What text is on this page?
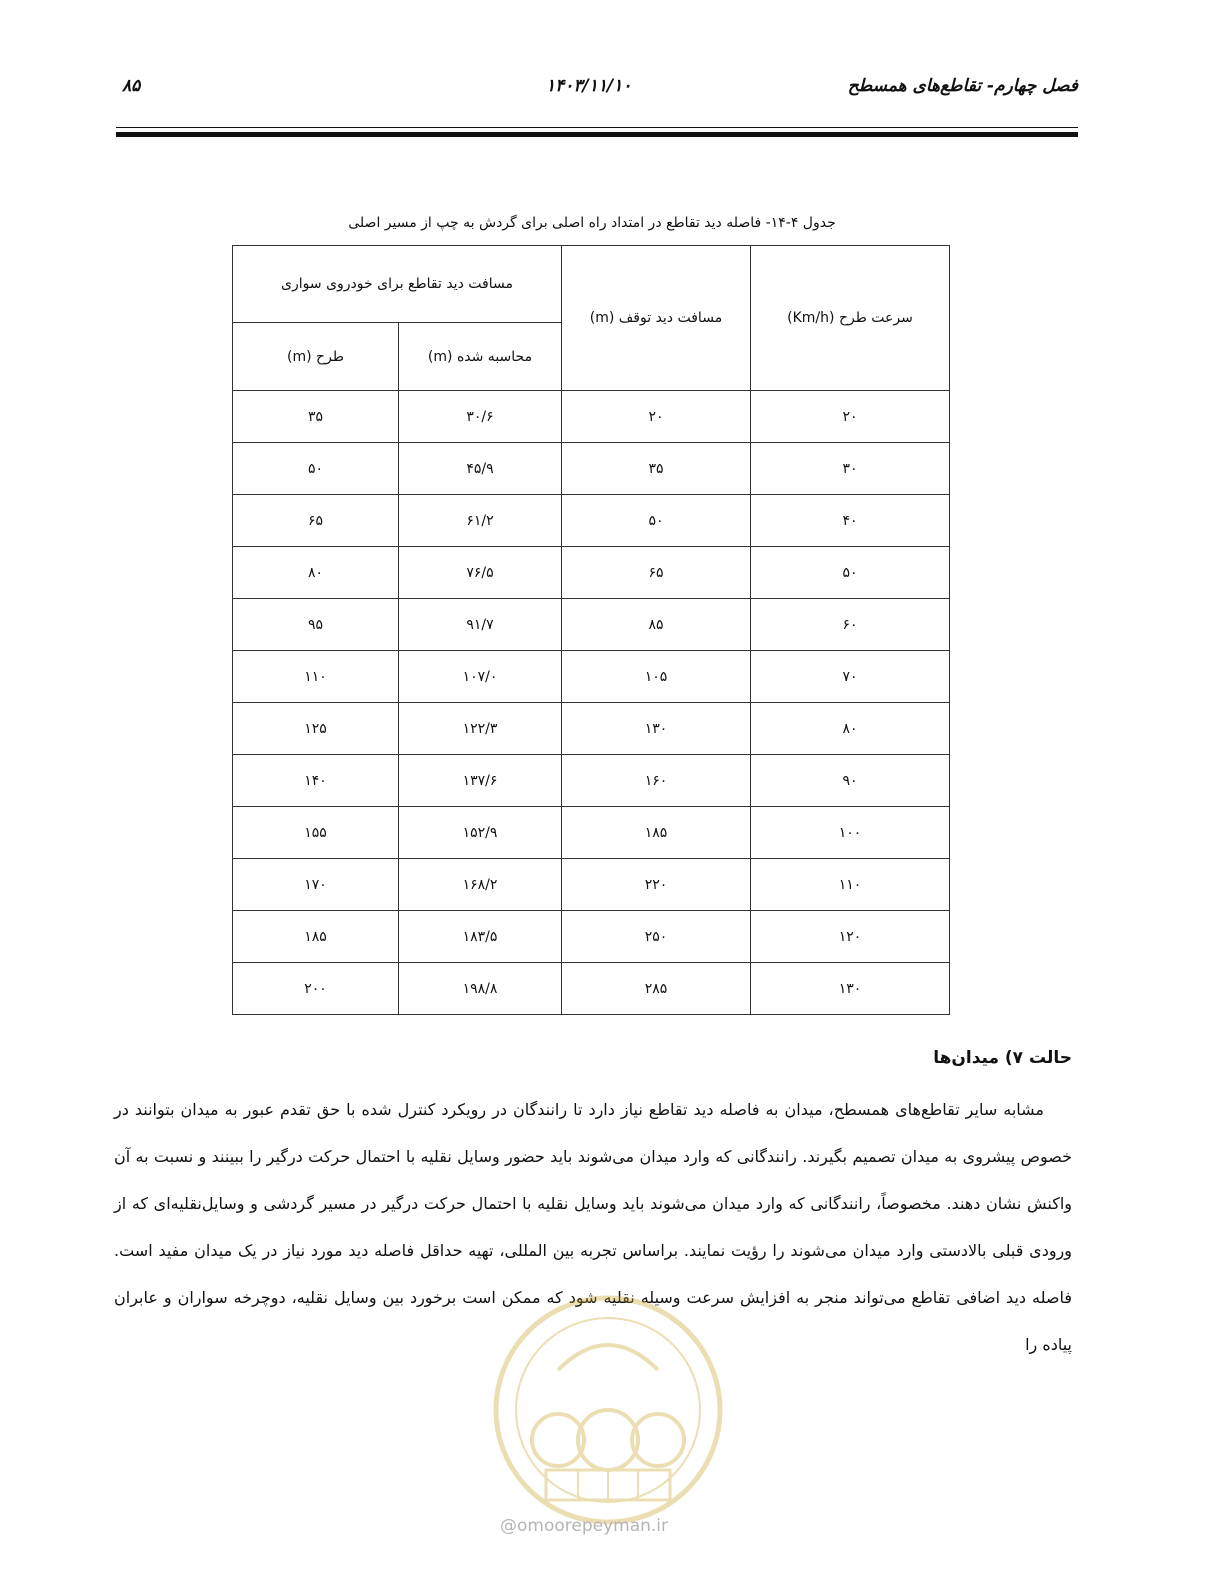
فصل چهارم- تقاطع‌های همسطح
۱۴۰۳/۱۱/۱۰
۸۵
جدول ۴-۱۴- فاصله دید تقاطع در امتداد راه اصلی برای گردش به چپ از مسیر اصلی
سرعت طرح (Km/h)	مسافت دید توقف (m)	مسافت دید تقاطع برای خودروی سواری	
		محاسبه شده (m)	طرح (m)
۲۰	۲۰	۳۰/۶	۳۵
۳۰	۳۵	۴۵/۹	۵۰
۴۰	۵۰	۶۱/۲	۶۵
۵۰	۶۵	۷۶/۵	۸۰
۶۰	۸۵	۹۱/۷	۹۵
۷۰	۱۰۵	۱۰۷/۰	۱۱۰
۸۰	۱۳۰	۱۲۲/۳	۱۲۵
۹۰	۱۶۰	۱۳۷/۶	۱۴۰
۱۰۰	۱۸۵	۱۵۲/۹	۱۵۵
۱۱۰	۲۲۰	۱۶۸/۲	۱۷۰
۱۲۰	۲۵۰	۱۸۳/۵	۱۸۵
۱۳۰	۲۸۵	۱۹۸/۸	۲۰۰
حالت ۷) میدان‌ها

مشابه سایر تقاطع‌های همسطح، میدان به فاصله دید تقاطع نیاز دارد تا رانندگان در رویکرد کنترل شده با حق تقدم عبور به میدان بتوانند در خصوص پیشروی به میدان تصمیم بگیرند. رانندگانی که وارد میدان می‌شوند باید حضور وسایل نقلیه با احتمال حرکت درگیر را ببینند و نسبت به آن واکنش نشان دهند. مخصوصاً، رانندگانی که وارد میدان می‌شوند باید وسایل نقلیه با احتمال حرکت درگیر در مسیر گردشی و وسایل‌نقلیه‌ای که از ورودی قبلی بالادستی وارد میدان می‌شوند را رؤیت نمایند. براساس تجربه بین المللی، تهیه حداقل فاصله دید مورد نیاز در یک میدان مفید است. فاصله دید اضافی تقاطع می‌تواند منجر به افزایش سرعت وسیله نقلیه شود که ممکن است برخورد بین وسایل نقلیه، دوچرخه سواران و عابران پیاده را

@omoorepeyman.ir
